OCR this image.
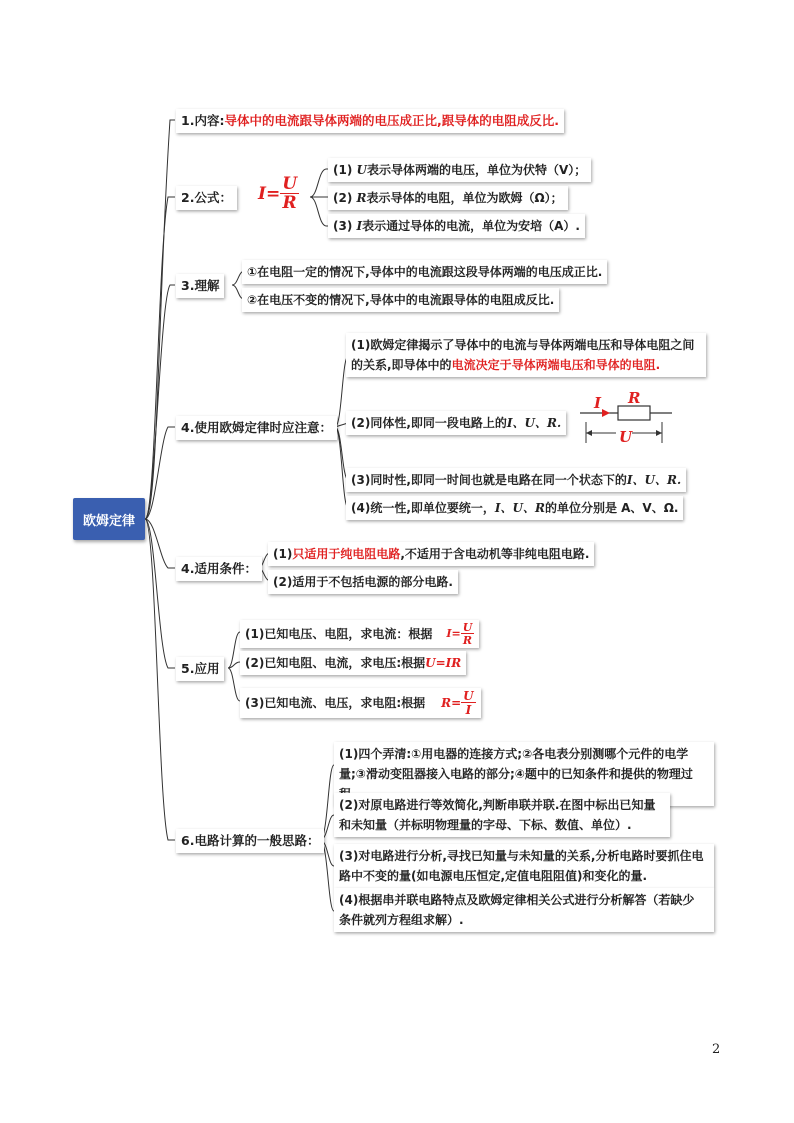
欧姆定律
1.内容:导体中的电流跟导体两端的电压成正比,跟导体的电阻成反比.
2.公式： $I= \frac{U}{R}$
(1) U表示导体两端的电压，单位为伏特（V）；
(2) R表示导体的电阻，单位为欧姆（Ω）；
(3) I表示通过导体的电流，单位为安培（A）.
3.理解
①在电阻一定的情况下,导体中的电流跟这段导体两端的电压成正比.
②在电压不变的情况下,导体中的电流跟导体的电阻成反比.
4.使用欧姆定律时应注意：
(1)欧姆定律揭示了导体中的电流与导体两端电压和导体电阻之间
的关系,即导体中的电流决定于导体两端电压和导体的电阻.
(2)同体性,即同一段电路上的I、U、R.
I R
U
(3)同时性,即同一时间也就是电路在同一个状态下的I、U、R.
(4)统一性,即单位要统一，I、U、R的单位分别是 A、V、Ω.
4.适用条件：
(1)只适用于纯电阻电路,不适用于含电动机等非纯电阻电路.
(2)适用于不包括电源的部分电路.
5.应用
(1)已知电压、电阻，求电流：根据 $I= \frac{U}{R}$
(2)已知电阻、电流，求电压:根据U=IR
(3)已知电流、电压，求电阻:根据 $R= \frac{U}{I}$
6.电路计算的一般思路：
(1)四个弄清:①用电器的连接方式;②各电表分别测哪个元件的电学
量;③滑动变阻器接入电路的部分;④题中的已知条件和提供的物理过
(2)对原电路进行等效简化,判断串联并联.在图中标出已知量
和未知量（并标明物理量的字母、下标、数值、单位）.
(3)对电路进行分析,寻找已知量与未知量的关系,分析电路时要抓住电
路中不变的量(如电源电压恒定,定值电阻阻值)和变化的量.
(4)根据串并联电路特点及欧姆定律相关公式进行分析解答（若缺少
条件就列方程组求解）.
2
